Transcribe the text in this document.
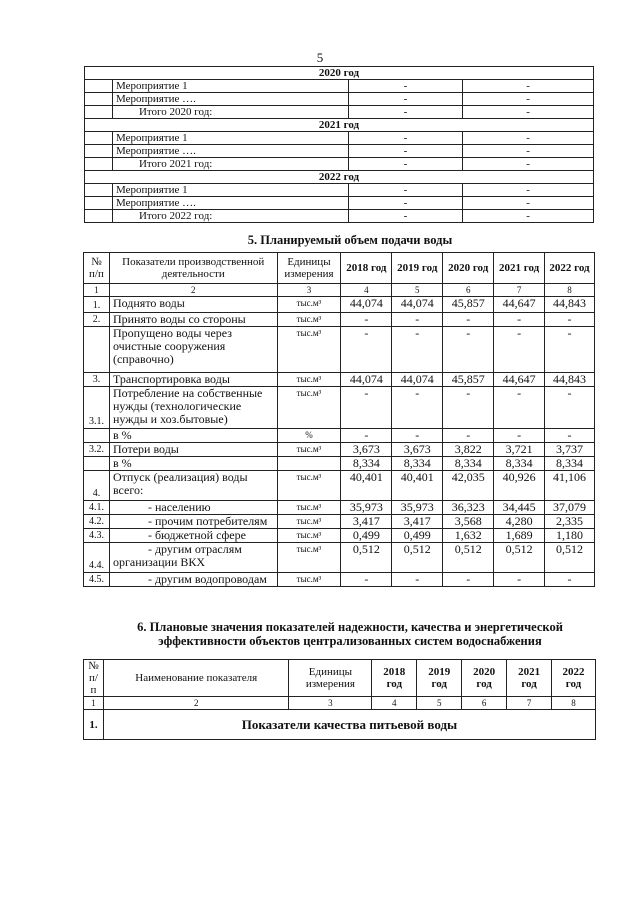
5
2020 год			
	Мероприятие 1	-	-
	Мероприятие ….	-	-
	Итого 2020 год:	-	-
2021 год			
	Мероприятие 1	-	-
	Мероприятие ….	-	-
	Итого 2021 год:	-	-
2022 год			
	Мероприятие 1	-	-
	Мероприятие ….	-	-
	Итого 2022 год:	-	-
5. Планируемый объем подачи воды
№ п/п	Показатели производственной деятельности	Единицы измерения	2018 год	2019 год	2020 год	2021 год	2022 год
1	2	3	4	5	6	7	8
1.	Поднято воды	тыс.м³	44,074	44,074	45,857	44,647	44,843
2.	Принято воды со стороны	тыс.м³	-	-	-	-	-
	Пропущено воды через очистные сооружения (справочно)	тыс.м³	-	-	-	-	-
3.	Транспортировка воды	тыс.м³	44,074	44,074	45,857	44,647	44,843
3.1.	Потребление на собственные нужды (технологические нужды и хоз.бытовые)	тыс.м³	-	-	-	-	-
	в %	%	-	-	-	-	-
3.2.	Потери воды	тыс.м³	3,673	3,673	3,822	3,721	3,737
	в %		8,334	8,334	8,334	8,334	8,334
4.	Отпуск (реализация) воды всего:	тыс.м³	40,401	40,401	42,035	40,926	41,106
4.1.	- населению	тыс.м³	35,973	35,973	36,323	34,445	37,079
4.2.	- прочим потребителям	тыс.м³	3,417	3,417	3,568	4,280	2,335
4.3.	- бюджетной сфере	тыс.м³	0,499	0,499	1,632	1,689	1,180
4.4.	- другим отраслям организации ВКХ	тыс.м³	0,512	0,512	0,512	0,512	0,512
4.5.	- другим водопроводам	тыс.м³	-	-	-	-	-
6. Плановые значения показателей надежности, качества и энергетической
эффективности объектов централизованных систем водоснабжения
№ п/п	Наименование показателя	Единицы измерения	2018 год	2019 год	2020 год	2021 год	2022 год
1	2	3	4	5	6	7	8
1.	Показатели качества питьевой воды						
